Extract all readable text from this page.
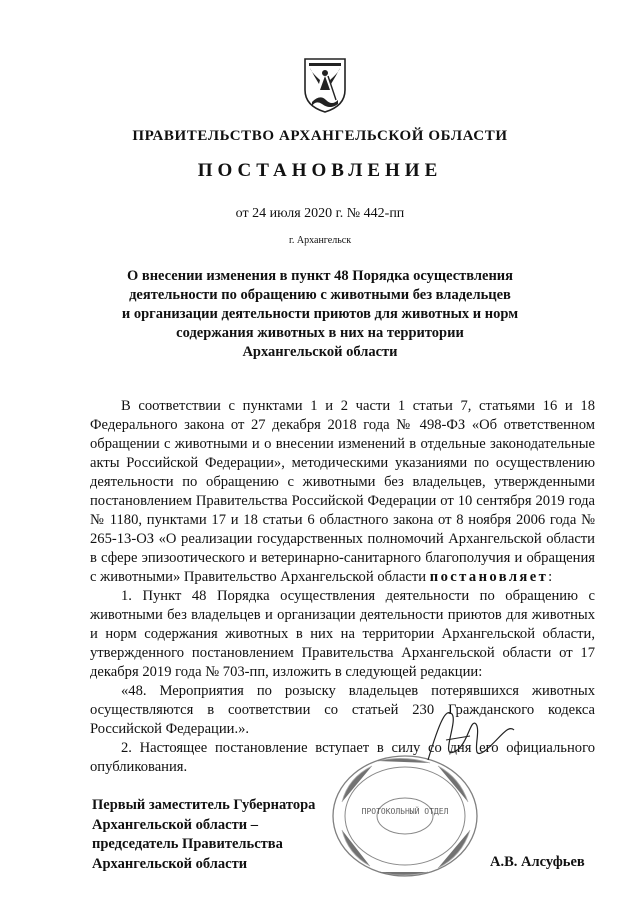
ПРАВИТЕЛЬСТВО АРХАНГЕЛЬСКОЙ ОБЛАСТИ
ПОСТАНОВЛЕНИЕ
от 24 июля 2020 г. № 442-пп
г. Архангельск
О внесении изменения в пункт 48 Порядка осуществления
деятельности по обращению с животными без владельцев
и организации деятельности приютов для животных и норм
содержания животных в них на территории
Архангельской области

В соответствии с пунктами 1 и 2 части 1 статьи 7, статьями 16 и 18 Федерального закона от 27 декабря 2018 года № 498-ФЗ «Об ответственном обращении с животными и о внесении изменений в отдельные законодательные акты Российской Федерации», методическими указаниями по осуществлению деятельности по обращению с животными без владельцев, утвержденными постановлением Правительства Российской Федерации от 10 сентября 2019 года № 1180, пунктами 17 и 18 статьи 6 областного закона от 8 ноября 2006 года № 265-13-ОЗ «О реализации государственных полномочий Архангельской области в сфере эпизоотического и ветеринарно-санитарного благополучия и обращения с животными» Правительство Архангельской области постановляет:

1. Пункт 48 Порядка осуществления деятельности по обращению с животными без владельцев и организации деятельности приютов для животных и норм содержания животных в них на территории Архангельской области, утвержденного постановлением Правительства Архангельской области от 17 декабря 2019 года № 703-пп, изложить в следующей редакции:

«48. Мероприятия по розыску владельцев потерявшихся животных осуществляются в соответствии со статьей 230 Гражданского кодекса Российской Федерации.».

2. Настоящее постановление вступает в силу со дня его официального опубликования.

Первый заместитель Губернатора
Архангельской области –
председатель Правительства
Архангельской области	А.В. Алсуфьев
ПРОТОКОЛЬНЫЙ ОТДЕЛ
